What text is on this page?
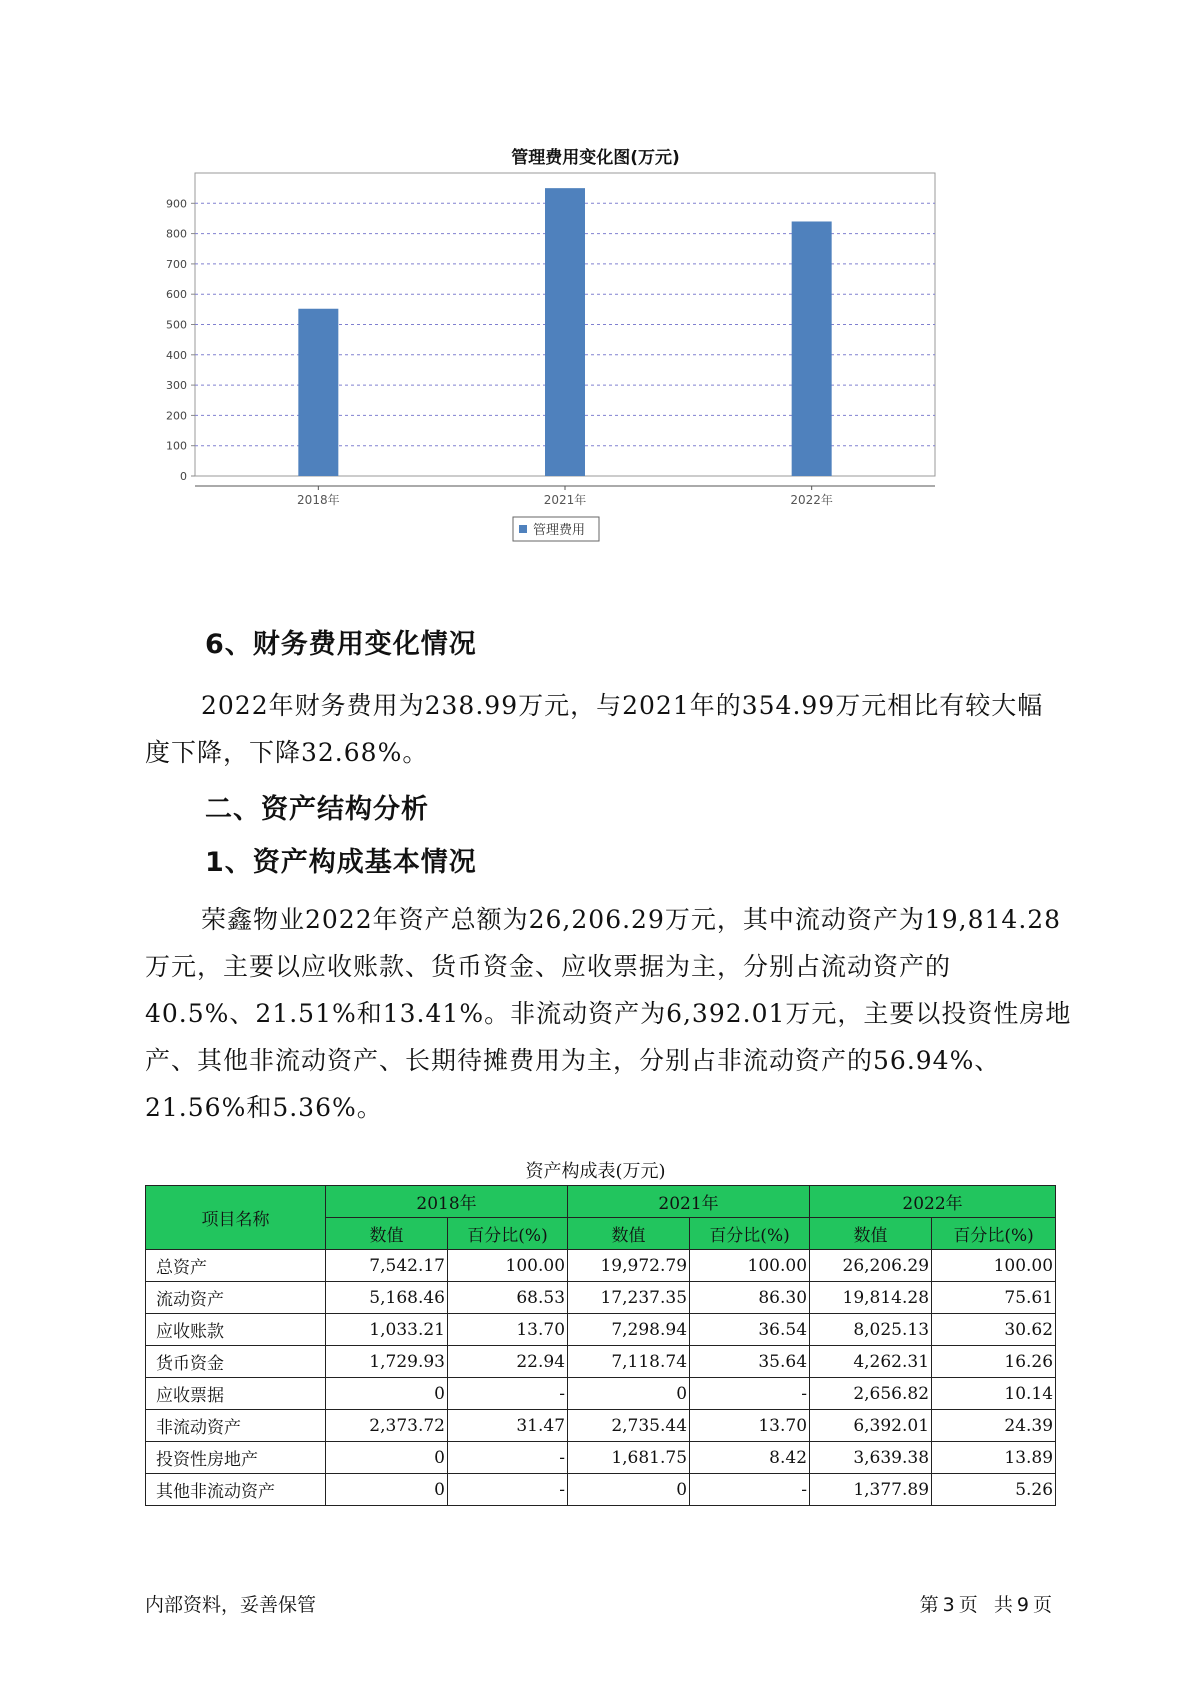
管理费用变化图(万元)
0
100
200
300
400
500
600
700
800
900
2018年	2021年	2022年
管理费用
6、财务费用变化情况
2022年财务费用为238.99万元，与2021年的354.99万元相比有较大幅
度下降，下降32.68%。
二、资产结构分析
1、资产构成基本情况
荣鑫物业2022年资产总额为26,206.29万元，其中流动资产为19,814.28
万元，主要以应收账款、货币资金、应收票据为主，分别占流动资产的
40.5%、21.51%和13.41%。非流动资产为6,392.01万元，主要以投资性房地
产、其他非流动资产、长期待摊费用为主，分别占非流动资产的56.94%、
21.56%和5.36%。
资产构成表(万元)
项目名称	2018年		2021年		2022年	
	数值	百分比(%)	数值	百分比(%)	数值	百分比(%)
总资产	7,542.17	100.00	19,972.79	100.00	26,206.29	100.00
流动资产	5,168.46	68.53	17,237.35	86.30	19,814.28	75.61
应收账款	1,033.21	13.70	7,298.94	36.54	8,025.13	30.62
货币资金	1,729.93	22.94	7,118.74	35.64	4,262.31	16.26
应收票据	0	-	0	-	2,656.82	10.14
非流动资产	2,373.72	31.47	2,735.44	13.70	6,392.01	24.39
投资性房地产	0	-	1,681.75	8.42	3,639.38	13.89
其他非流动资产	0	-	0	-	1,377.89	5.26
内部资料，妥善保管	第 3 页 共 9 页
